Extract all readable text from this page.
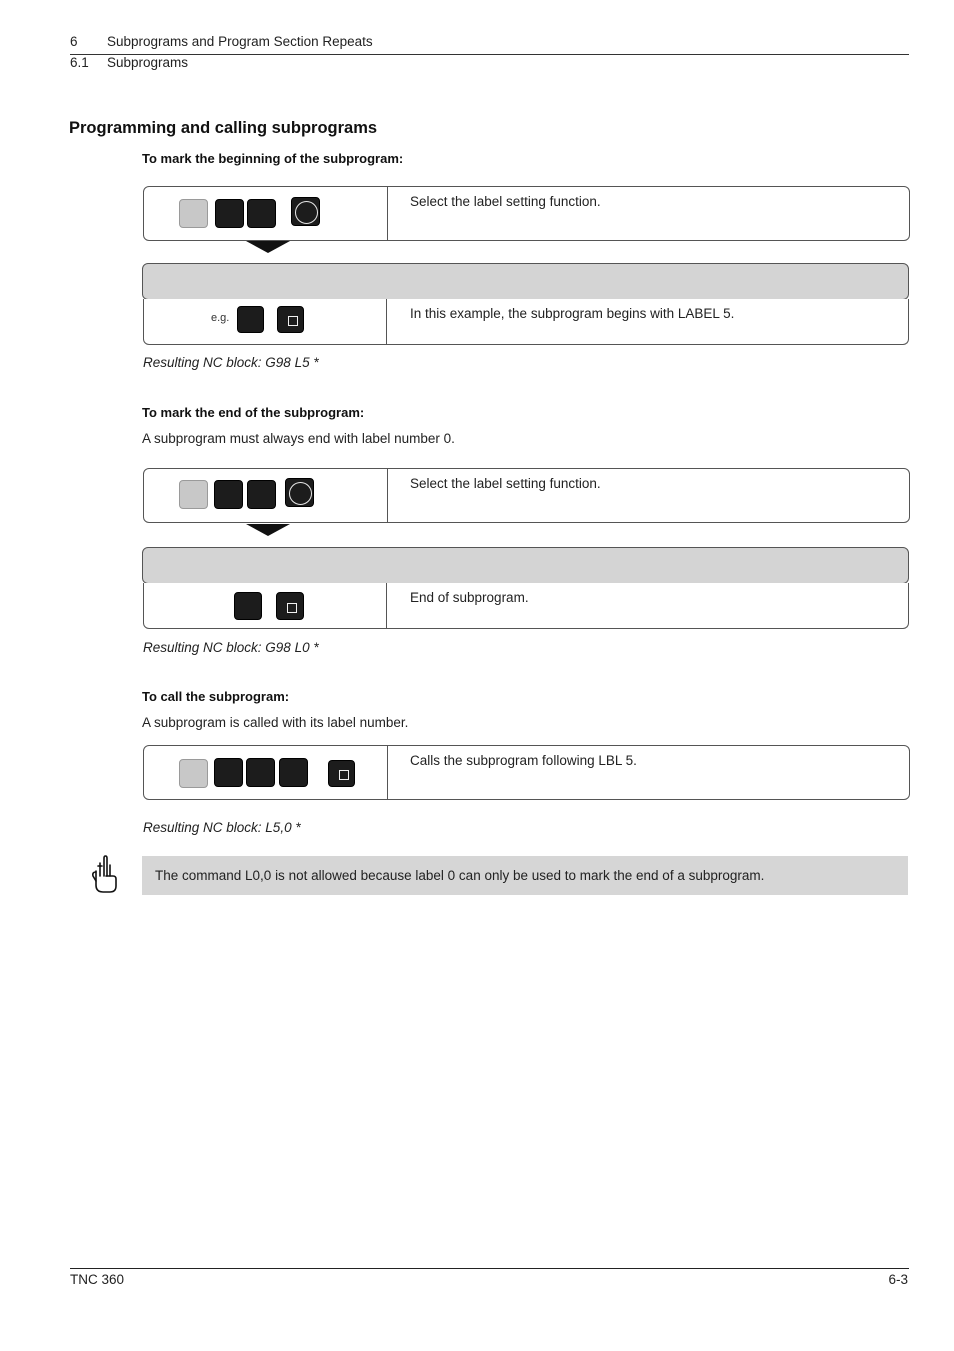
6 Subprograms and Program Section Repeats
6.1 Subprograms
Programming and calling subprograms
To mark the beginning of the subprogram:
Select the label setting function.
e.g.	In this example, the subprogram begins with LABEL 5.
Resulting NC block: G98 L5 *
To mark the end of the subprogram:
A subprogram must always end with label number 0.
Select the label setting function.
End of subprogram.
Resulting NC block: G98 L0 *
To call the subprogram:
A subprogram is called with its label number.
Calls the subprogram following LBL 5.
Resulting NC block: L5,0 *
The command L0,0 is not allowed because label 0 can only be used to mark the end of a subprogram.
TNC 360	6-3
